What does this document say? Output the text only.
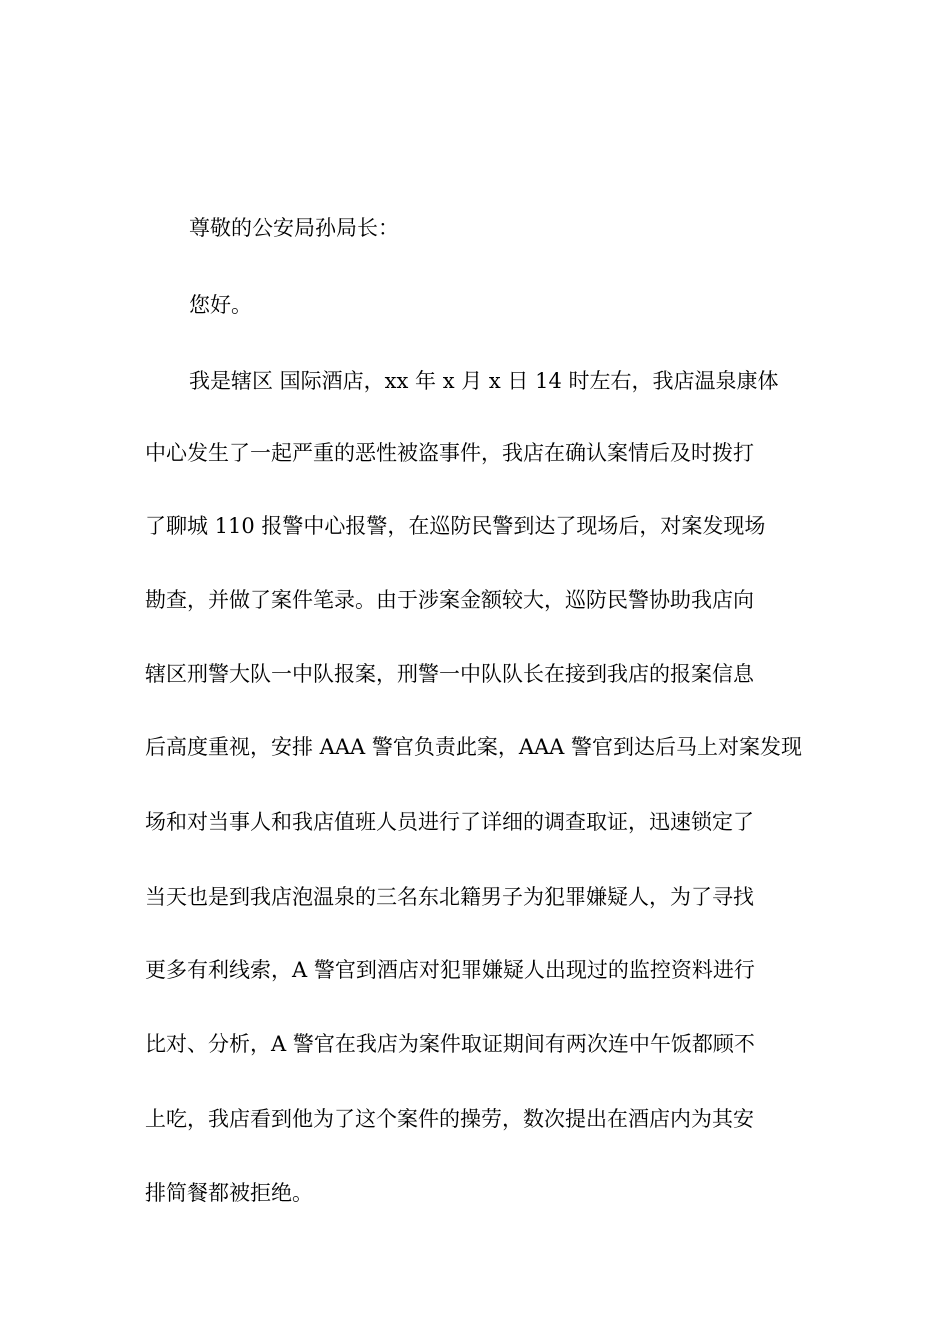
尊敬的公安局孙局长：
您好。
我是辖区 国际酒店，xx 年 x 月 x 日 14 时左右，我店温泉康体
中心发生了一起严重的恶性被盗事件，我店在确认案情后及时拨打
了聊城 110 报警中心报警，在巡防民警到达了现场后，对案发现场
勘查，并做了案件笔录。由于涉案金额较大，巡防民警协助我店向
辖区刑警大队一中队报案，刑警一中队队长在接到我店的报案信息
后高度重视，安排 AAA 警官负责此案，AAA 警官到达后马上对案发现
场和对当事人和我店值班人员进行了详细的调查取证，迅速锁定了
当天也是到我店泡温泉的三名东北籍男子为犯罪嫌疑人，为了寻找
更多有利线索，A 警官到酒店对犯罪嫌疑人出现过的监控资料进行
比对、分析，A 警官在我店为案件取证期间有两次连中午饭都顾不
上吃，我店看到他为了这个案件的操劳，数次提出在酒店内为其安
排简餐都被拒绝。
